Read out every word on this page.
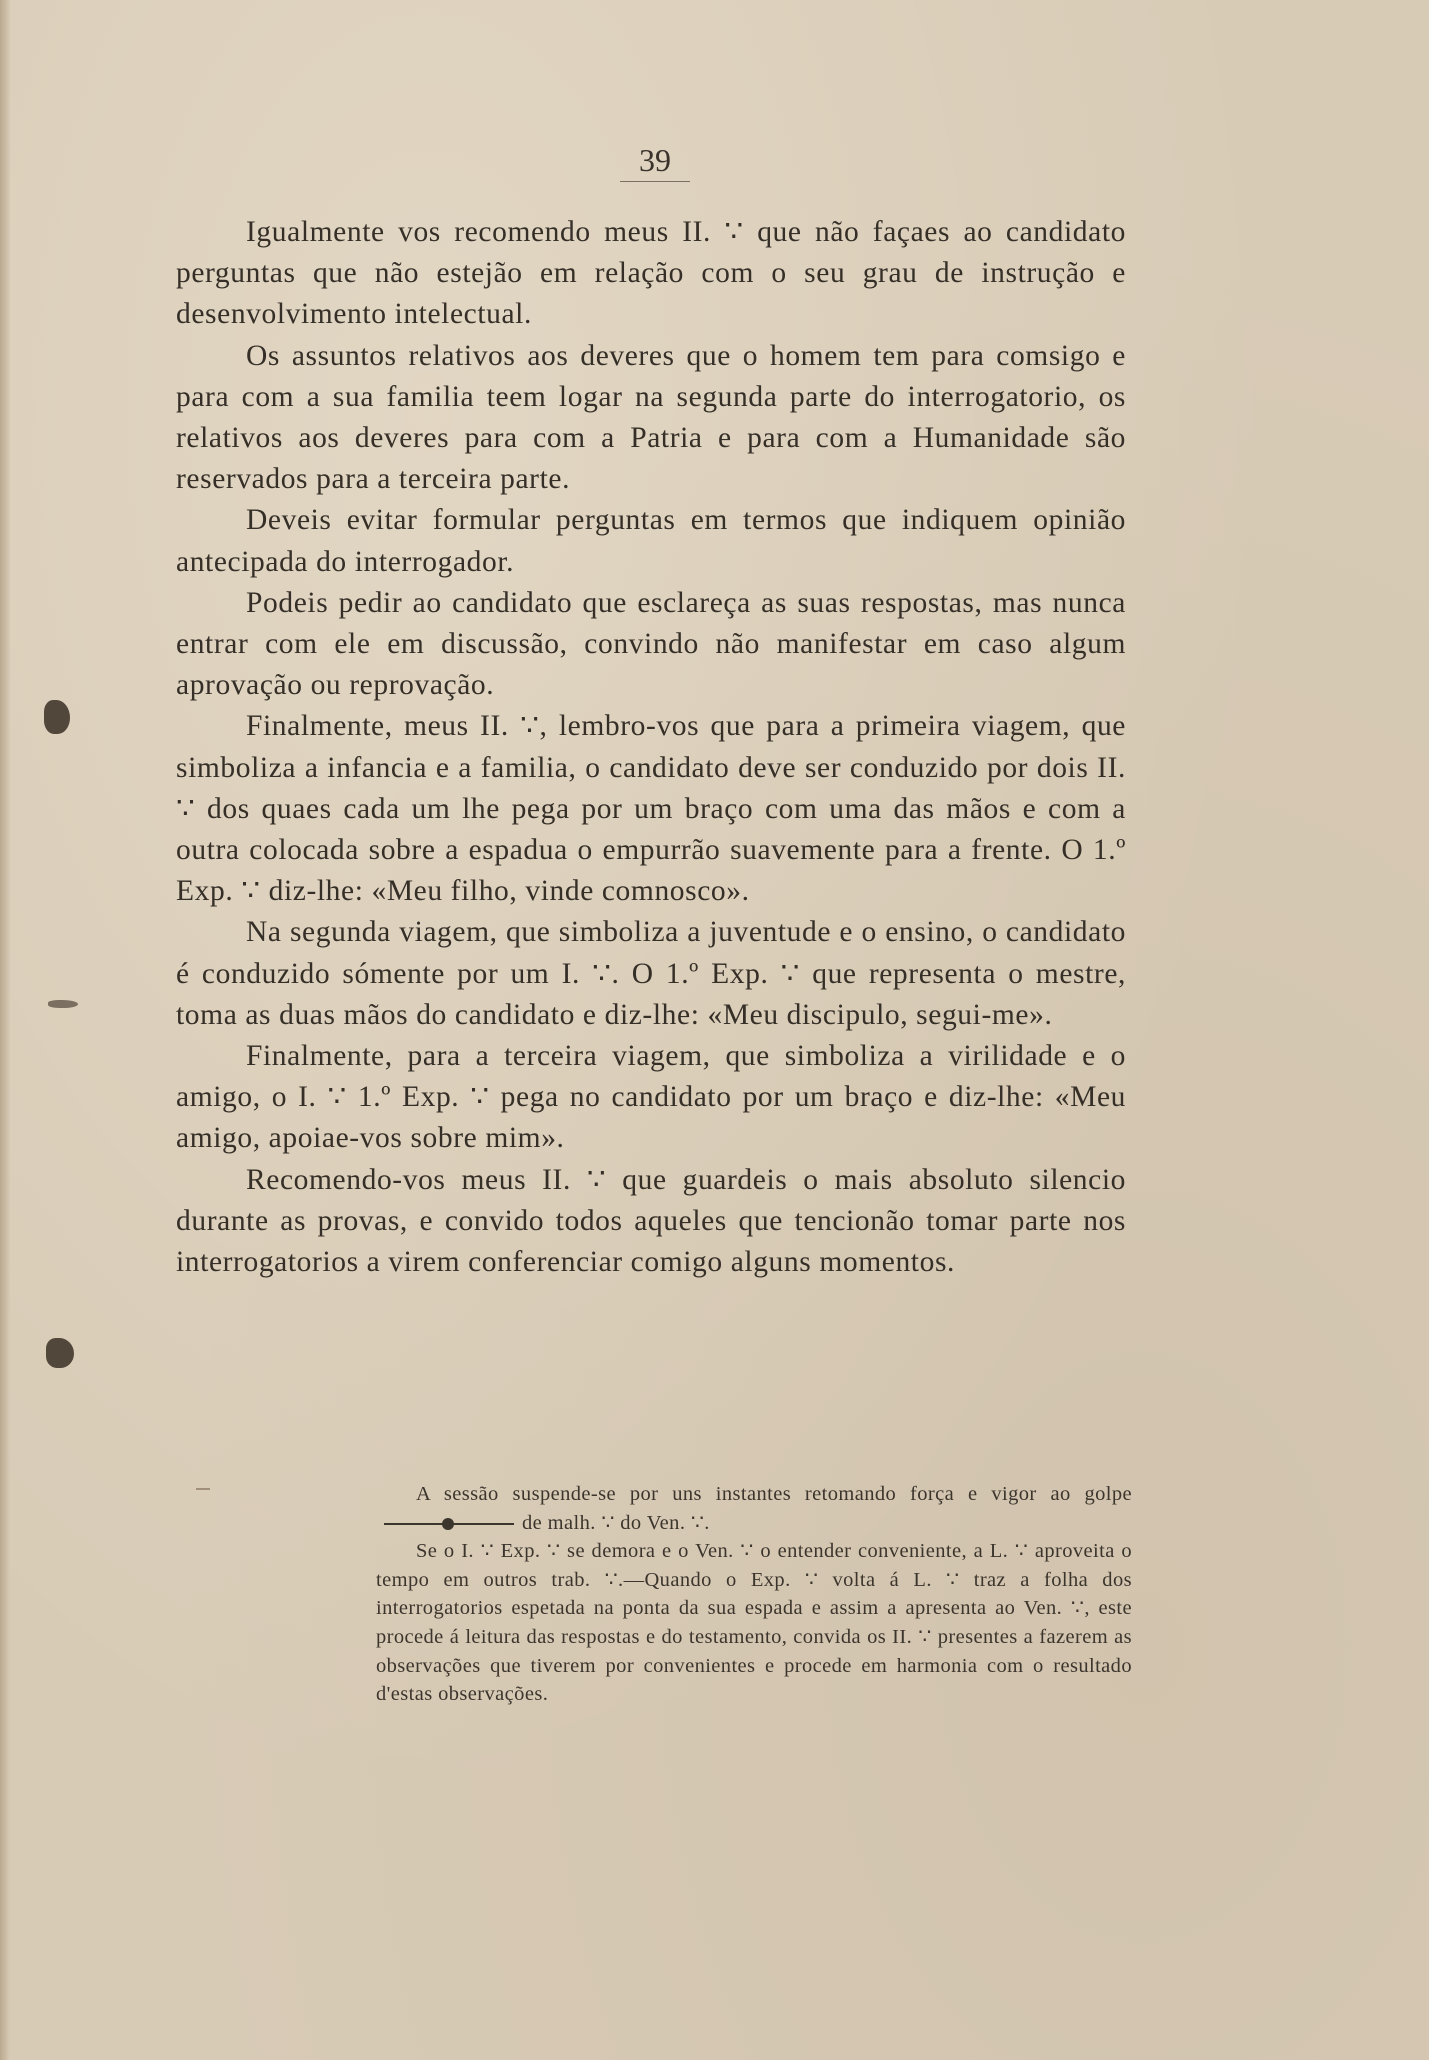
39

Igualmente vos recomendo meus II. ∵ que não façaes ao candidato perguntas que não estejão em relação com o seu grau de instrução e desenvolvimento intelectual.

Os assuntos relativos aos deveres que o homem tem para comsigo e para com a sua familia teem logar na segunda parte do interrogatorio, os relativos aos deveres para com a Patria e para com a Humanidade são reservados para a terceira parte.

Deveis evitar formular perguntas em termos que indiquem opinião antecipada do interrogador.

Podeis pedir ao candidato que esclareça as suas respostas, mas nunca entrar com ele em discussão, convindo não manifestar em caso algum aprovação ou reprovação.

Finalmente, meus II. ∵, lembro-vos que para a primeira viagem, que simboliza a infancia e a familia, o candidato deve ser conduzido por dois II. ∵ dos quaes cada um lhe pega por um braço com uma das mãos e com a outra colocada sobre a espadua o empurrão suavemente para a frente. O 1.º Exp. ∵ diz-lhe: «Meu filho, vinde comnosco».

Na segunda viagem, que simboliza a juventude e o ensino, o candidato é conduzido sómente por um I. ∵. O 1.º Exp. ∵ que representa o mestre, toma as duas mãos do candidato e diz-lhe: «Meu discipulo, segui-me».

Finalmente, para a terceira viagem, que simboliza a virilidade e o amigo, o I. ∵ 1.º Exp. ∵ pega no candidato por um braço e diz-lhe: «Meu amigo, apoiae-vos sobre mim».

Recomendo-vos meus II. ∵ que guardeis o mais absoluto silencio durante as provas, e convido todos aqueles que tencionão tomar parte nos interrogatorios a virem conferenciar comigo alguns momentos.

A sessão suspende-se por uns instantes retomando força e vigor ao golpe
de malh. ∵ do Ven. ∵.

Se o I. ∵ Exp. ∵ se demora e o Ven. ∵ o entender conveniente, a L. ∵ aproveita o tempo em outros trab. ∵.—Quando o Exp. ∵ volta á L. ∵ traz a folha dos interrogatorios espetada na ponta da sua espada e assim a apresenta ao Ven. ∵, este procede á leitura das respostas e do testamento, convida os II. ∵ presentes a fazerem as observações que tiverem por convenientes e procede em harmonia com o resultado d'estas observações.
